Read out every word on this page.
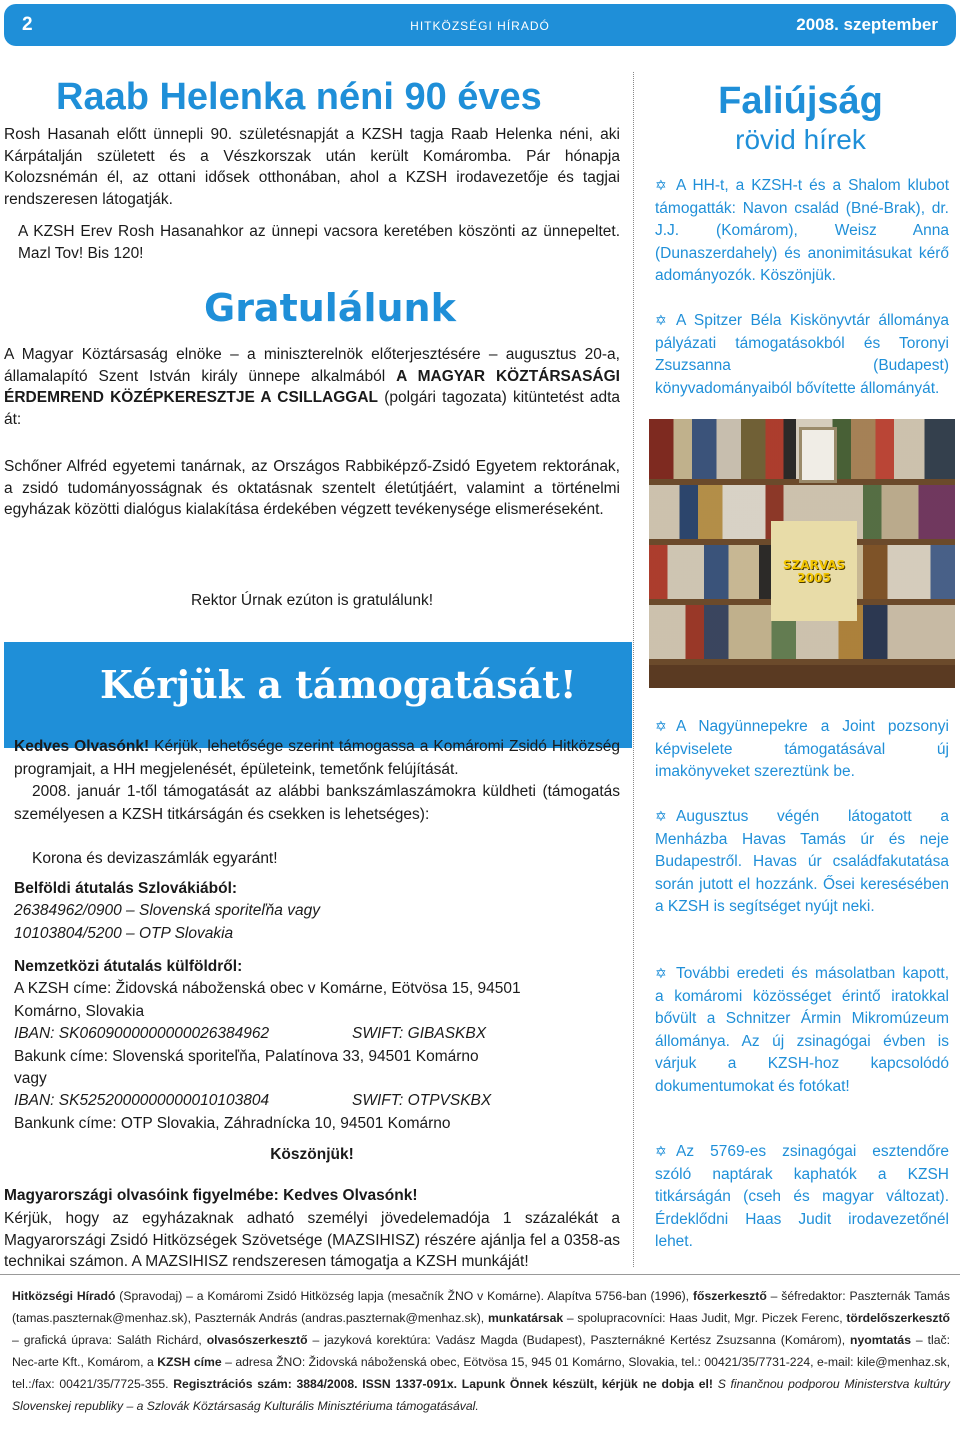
2	HITKÖZSÉGI HÍRADÓ	2008. szeptember
Raab Helenka néni 90 éves

Rosh Hasanah előtt ünnepli 90. születésnapját a KZSH tagja Raab Helenka néni, aki Kárpátalján született és a Vészkorszak után került Komáromba. Pár hónapja Kolozsnémán él, az ottani idősek otthonában, ahol a KZSH irodavezetője és tagjai rendszeresen látogatják.

A KZSH Erev Rosh Hasanahkor az ünnepi vacsora keretében köszönti az ünnepeltet. Mazl Tov! Bis 120!

Gratulálunk

A Magyar Köztársaság elnöke – a miniszterelnök előterjesztésére – augusztus 20-a, államalapító Szent István király ünnepe alkalmából A MAGYAR KÖZTÁRSASÁGI ÉRDEMREND KÖZÉPKERESZTJE A CSILLAGGAL (polgári tagozata) kitüntetést adta át:

Schőner Alfréd egyetemi tanárnak, az Országos Rabbiképző-Zsidó Egyetem rektorának, a zsidó tudományosságnak és oktatásnak szentelt életútjáért, valamint a történelmi egyházak közötti dialógus kialakítása érdekében végzett tevékenysége elismeréseként.

Rektor Úrnak ezúton is gratulálunk!

Kérjük a támogatását!

Kedves Olvasónk! Kérjük, lehetősége szerint támogassa a Komáromi Zsidó Hitközség programjait, a HH megjelenését, épületeink, temetőnk felújítását.

2008. január 1-től támogatását az alábbi bankszámlaszámokra küldheti (támogatás személyesen a KZSH titkárságán és csekken is lehetséges):

Korona és devizaszámlák egyaránt!

Belföldi átutalás Szlovákiából:

26384962/0900 – Slovenská sporiteľňa vagy

10103804/5200 – OTP Slovakia

Nemzetközi átutalás külföldről:

A KZSH címe: Židovská náboženská obec v Komárne, Eötvösa 15, 94501

Komárno, Slovakia

IBAN: SK0609000000000026384962	SWIFT: GIBASKBX

Bakunk címe: Slovenská sporiteľňa, Palatínova 33, 94501 Komárno

vagy

IBAN: SK5252000000000010103804	SWIFT: OTPVSKBX

Bankunk címe: OTP Slovakia, Záhradnícka 10, 94501 Komárno

Köszönjük!

Magyarországi olvasóink figyelmébe: Kedves Olvasónk!

Kérjük, hogy az egyházaknak adható személyi jövedelemadója 1 százalékát a Magyarországi Zsidó Hitközségek Szövetsége (MAZSIHISZ) részére ajánlja fel a 0358-as technikai számon. A MAZSIHISZ rendszeresen támogatja a KZSH munkáját!

Faliújság

rövid hírek

✡ A HH-t, a KZSH-t és a Shalom klubot támogatták: Navon család (Bné-Brak), dr. J.J. (Komárom), Weisz Anna (Dunaszerdahely) és anonimitásukat kérő adományozók. Köszönjük.

✡ A Spitzer Béla Kiskönyvtár állománya pályázati támogatásokból és Toronyi Zsuzsanna (Budapest) könyvadományaiból bővítette állományát.

SZARVAS 2005

✡ A Nagyünnepekre a Joint pozsonyi képviselete támogatásával új imakönyveket szereztünk be.

✡ Augusztus végén látogatott a Menházba Havas Tamás úr és neje Budapestről. Havas úr családfakutatása során jutott el hozzánk. Ősei keresésében a KZSH is segítséget nyújt neki.

✡ További eredeti és másolatban kapott, a komáromi közösséget érintő iratokkal bővült a Schnitzer Ármin Mikromúzeum állománya. Az új zsinagógai évben is várjuk a KZSH-hoz kapcsolódó dokumentumokat és fotókat!

✡ Az 5769-es zsinagógai esztendőre szóló naptárak kaphatók a KZSH titkárságán (cseh és magyar változat). Érdeklődni Haas Judit irodavezetőnél lehet.

Hitközségi Híradó (Spravodaj) – a Komáromi Zsidó Hitközség lapja (mesačník ŽNO v Komárne). Alapítva 5756-ban (1996), főszerkesztő – šéfredaktor: Paszternák Tamás (tamas.paszternak@menhaz.sk), Paszternák András (andras.paszternak@menhaz.sk), munkatársak – spolupracovníci: Haas Judit, Mgr. Piczek Ferenc, tördelőszerkesztő – grafická úprava: Saláth Richárd, olvasószerkesztő – jazyková korektúra: Vadász Magda (Budapest), Paszternákné Kertész Zsuzsanna (Komárom), nyomtatás – tlač: Nec-arte Kft., Komárom, a KZSH címe – adresa ŽNO: Židovská náboženská obec, Eötvösa 15, 945 01 Komárno, Slovakia, tel.: 00421/35/7731-224, e-mail: kile@menhaz.sk, tel.:/fax: 00421/35/7725-355. Regisztrációs szám: 3884/2008. ISSN 1337-091x. Lapunk Önnek készült, kérjük ne dobja el! S finančnou podporou Ministerstva kultúry Slovenskej republiky – a Szlovák Köztársaság Kulturális Minisztériuma támogatásával.
